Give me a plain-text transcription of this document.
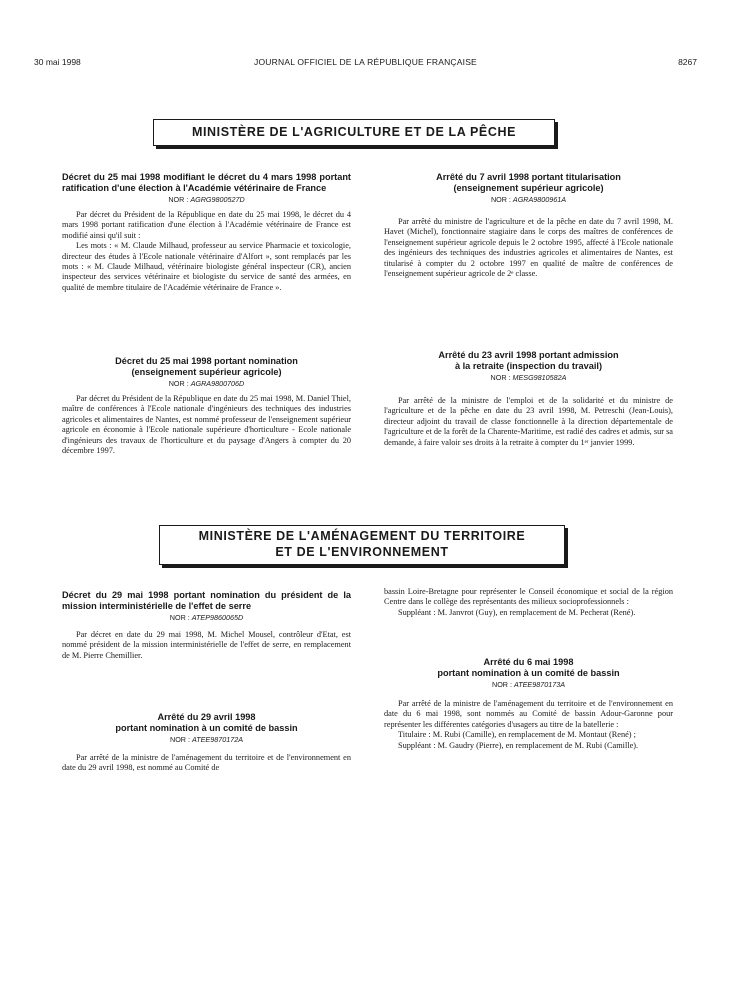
30 mai 1998	JOURNAL OFFICIEL DE LA RÉPUBLIQUE FRANÇAISE	8267
MINISTÈRE DE L'AGRICULTURE ET DE LA PÊCHE

Décret du 25 mai 1998 modifiant le décret du 4 mars 1998 portant ratification d'une élection à l'Académie vétérinaire de France

NOR : AGRG9800527D

Par décret du Président de la République en date du 25 mai 1998, le décret du 4 mars 1998 portant ratification d'une élection à l'Académie vétérinaire de France est modifié ainsi qu'il suit :

Les mots : « M. Claude Milhaud, professeur au service Pharmacie et toxicologie, directeur des études à l'Ecole nationale vétérinaire d'Alfort », sont remplacés par les mots : « M. Claude Milhaud, vétérinaire biologiste général inspecteur (CR), ancien inspecteur des services vétérinaire et biologiste du service de santé des armées, en qualité de membre titulaire de l'Académie vétérinaire de France ».

Décret du 25 mai 1998 portant nomination
(enseignement supérieur agricole)

NOR : AGRA9800706D

Par décret du Président de la République en date du 25 mai 1998, M. Daniel Thiel, maître de conférences à l'Ecole nationale d'ingénieurs des techniques des industries agricoles et alimentaires de Nantes, est nommé professeur de l'enseignement supérieur agricole en économie à l'Ecole nationale supérieure d'horticulture - Ecole nationale d'ingénieurs des travaux de l'horticulture et du paysage d'Angers à compter du 20 décembre 1997.

Arrêté du 7 avril 1998 portant titularisation
(enseignement supérieur agricole)

NOR : AGRA9800961A

Par arrêté du ministre de l'agriculture et de la pêche en date du 7 avril 1998, M. Havet (Michel), fonctionnaire stagiaire dans le corps des maîtres de conférences de l'enseignement supérieur agricole depuis le 2 octobre 1995, affecté à l'Ecole nationale des ingénieurs des techniques des industries agricoles et alimentaires de Nantes, est titularisé à compter du 2 octobre 1997 en qualité de maître de conférences de l'enseignement supérieur agricole de 2ᵉ classe.

Arrêté du 23 avril 1998 portant admission
à la retraite (inspection du travail)

NOR : MESG9810582A

Par arrêté de la ministre de l'emploi et de la solidarité et du ministre de l'agriculture et de la pêche en date du 23 avril 1998, M. Petreschi (Jean-Louis), directeur adjoint du travail de classe fonctionnelle à la direction départementale de l'agriculture et de la forêt de la Charente-Maritime, est radié des cadres et admis, sur sa demande, à faire valoir ses droits à la retraite à compter du 1ᵉʳ janvier 1999.

MINISTÈRE DE L'AMÉNAGEMENT DU TERRITOIRE
ET DE L'ENVIRONNEMENT

Décret du 29 mai 1998 portant nomination du président de la mission interministérielle de l'effet de serre

NOR : ATEP9860065D

Par décret en date du 29 mai 1998, M. Michel Mousel, contrôleur d'Etat, est nommé président de la mission interministérielle de l'effet de serre, en remplacement de M. Pierre Chemillier.

Arrêté du 29 avril 1998
portant nomination à un comité de bassin

NOR : ATEE9870172A

Par arrêté de la ministre de l'aménagement du territoire et de l'environnement en date du 29 avril 1998, est nommé au Comité de

bassin Loire-Bretagne pour représenter le Conseil économique et social de la région Centre dans le collège des représentants des milieux socioprofessionnels :

Suppléant : M. Janvrot (Guy), en remplacement de M. Pecherat (René).

Arrêté du 6 mai 1998
portant nomination à un comité de bassin

NOR : ATEE9870173A

Par arrêté de la ministre de l'aménagement du territoire et de l'environnement en date du 6 mai 1998, sont nommés au Comité de bassin Adour-Garonne pour représenter les différentes catégories d'usagers au titre de la batellerie :

Titulaire : M. Rubi (Camille), en remplacement de M. Montaut (René) ;

Suppléant : M. Gaudry (Pierre), en remplacement de M. Rubi (Camille).
